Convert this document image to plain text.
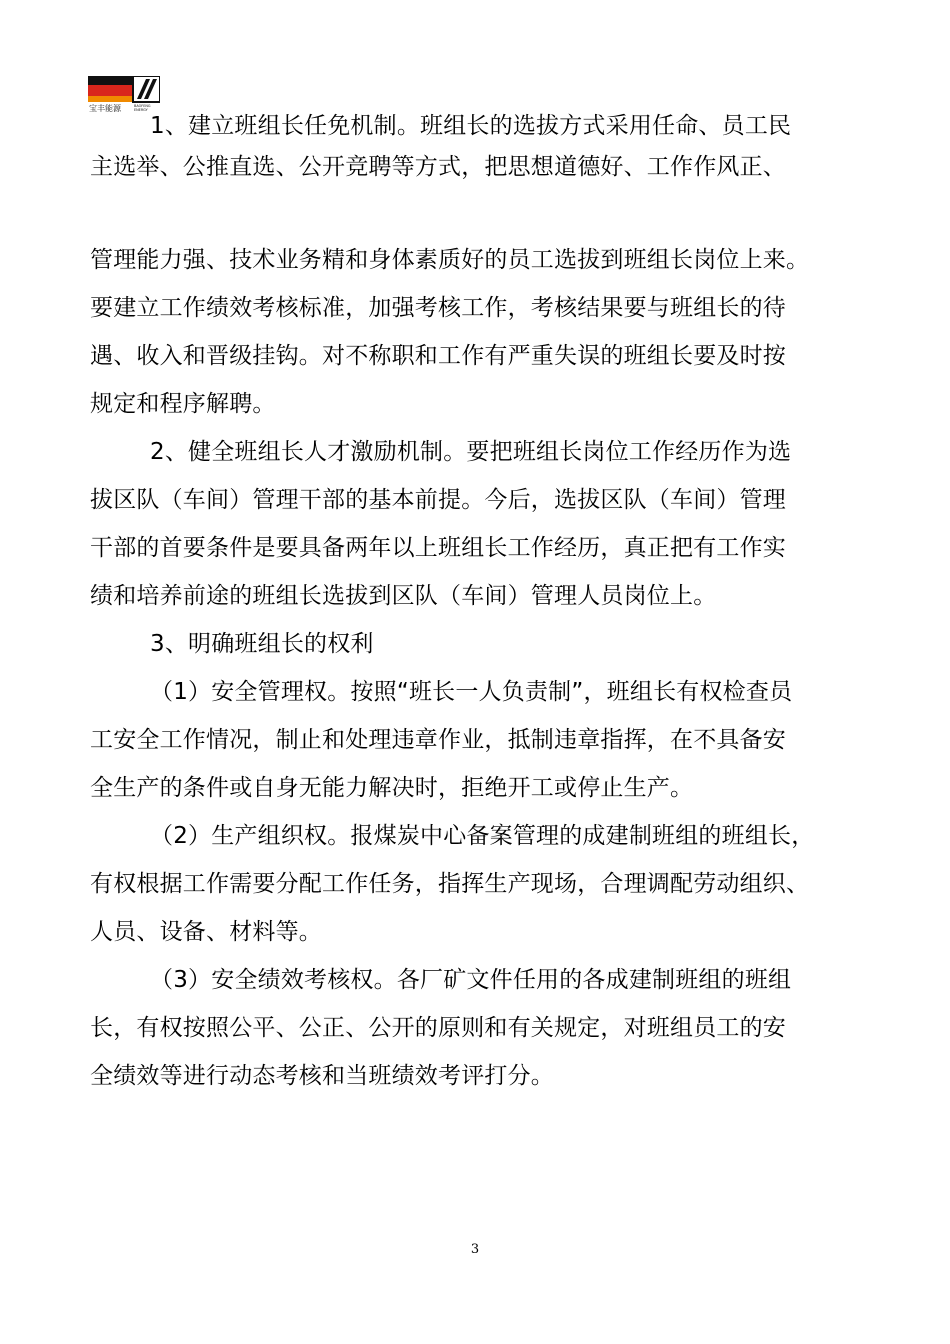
宝丰能源	BAOFENG
ENERGY
1、建立班组长任免机制。班组长的选拔方式采用任命、员工民
主选举、公推直选、公开竞聘等方式，把思想道德好、工作作风正、
管理能力强、技术业务精和身体素质好的员工选拔到班组长岗位上来。
要建立工作绩效考核标准，加强考核工作，考核结果要与班组长的待
遇、收入和晋级挂钩。对不称职和工作有严重失误的班组长要及时按
规定和程序解聘。
2、健全班组长人才激励机制。要把班组长岗位工作经历作为选
拔区队（车间）管理干部的基本前提。今后，选拔区队（车间）管理
干部的首要条件是要具备两年以上班组长工作经历，真正把有工作实
绩和培养前途的班组长选拔到区队（车间）管理人员岗位上。
3、明确班组长的权利
（1）安全管理权。按照“班长一人负责制”，班组长有权检查员
工安全工作情况，制止和处理违章作业，抵制违章指挥，在不具备安
全生产的条件或自身无能力解决时，拒绝开工或停止生产。
（2）生产组织权。报煤炭中心备案管理的成建制班组的班组长，
有权根据工作需要分配工作任务，指挥生产现场，合理调配劳动组织、
人员、设备、材料等。
（3）安全绩效考核权。各厂矿文件任用的各成建制班组的班组
长，有权按照公平、公正、公开的原则和有关规定，对班组员工的安
全绩效等进行动态考核和当班绩效考评打分。
3
